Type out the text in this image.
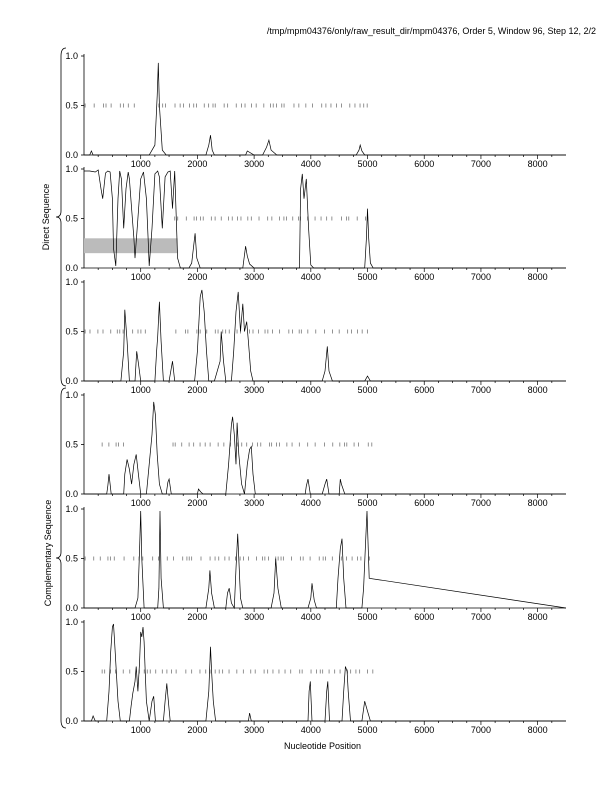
/tmp/mpm04376/only/raw_result_dir/mpm04376, Order 5, Window 96, Step 12, 2/2
Direct Sequence
Complementary Sequence
Nucleotide Position
0.0
0.5
1.0
1000	2000	3000	4000	5000	6000	7000	8000
0.0
0.5
1.0
1000	2000	3000	4000	5000	6000	7000	8000
0.0
0.5
1.0
1000	2000	3000	4000	5000	6000	7000	8000
0.0
0.5
1.0
1000	2000	3000	4000	5000	6000	7000	8000
0.0
0.5
1.0
1000	2000	3000	4000	5000	6000	7000	8000
0.0
0.5
1.0
1000	2000	3000	4000	5000	6000	7000	8000
